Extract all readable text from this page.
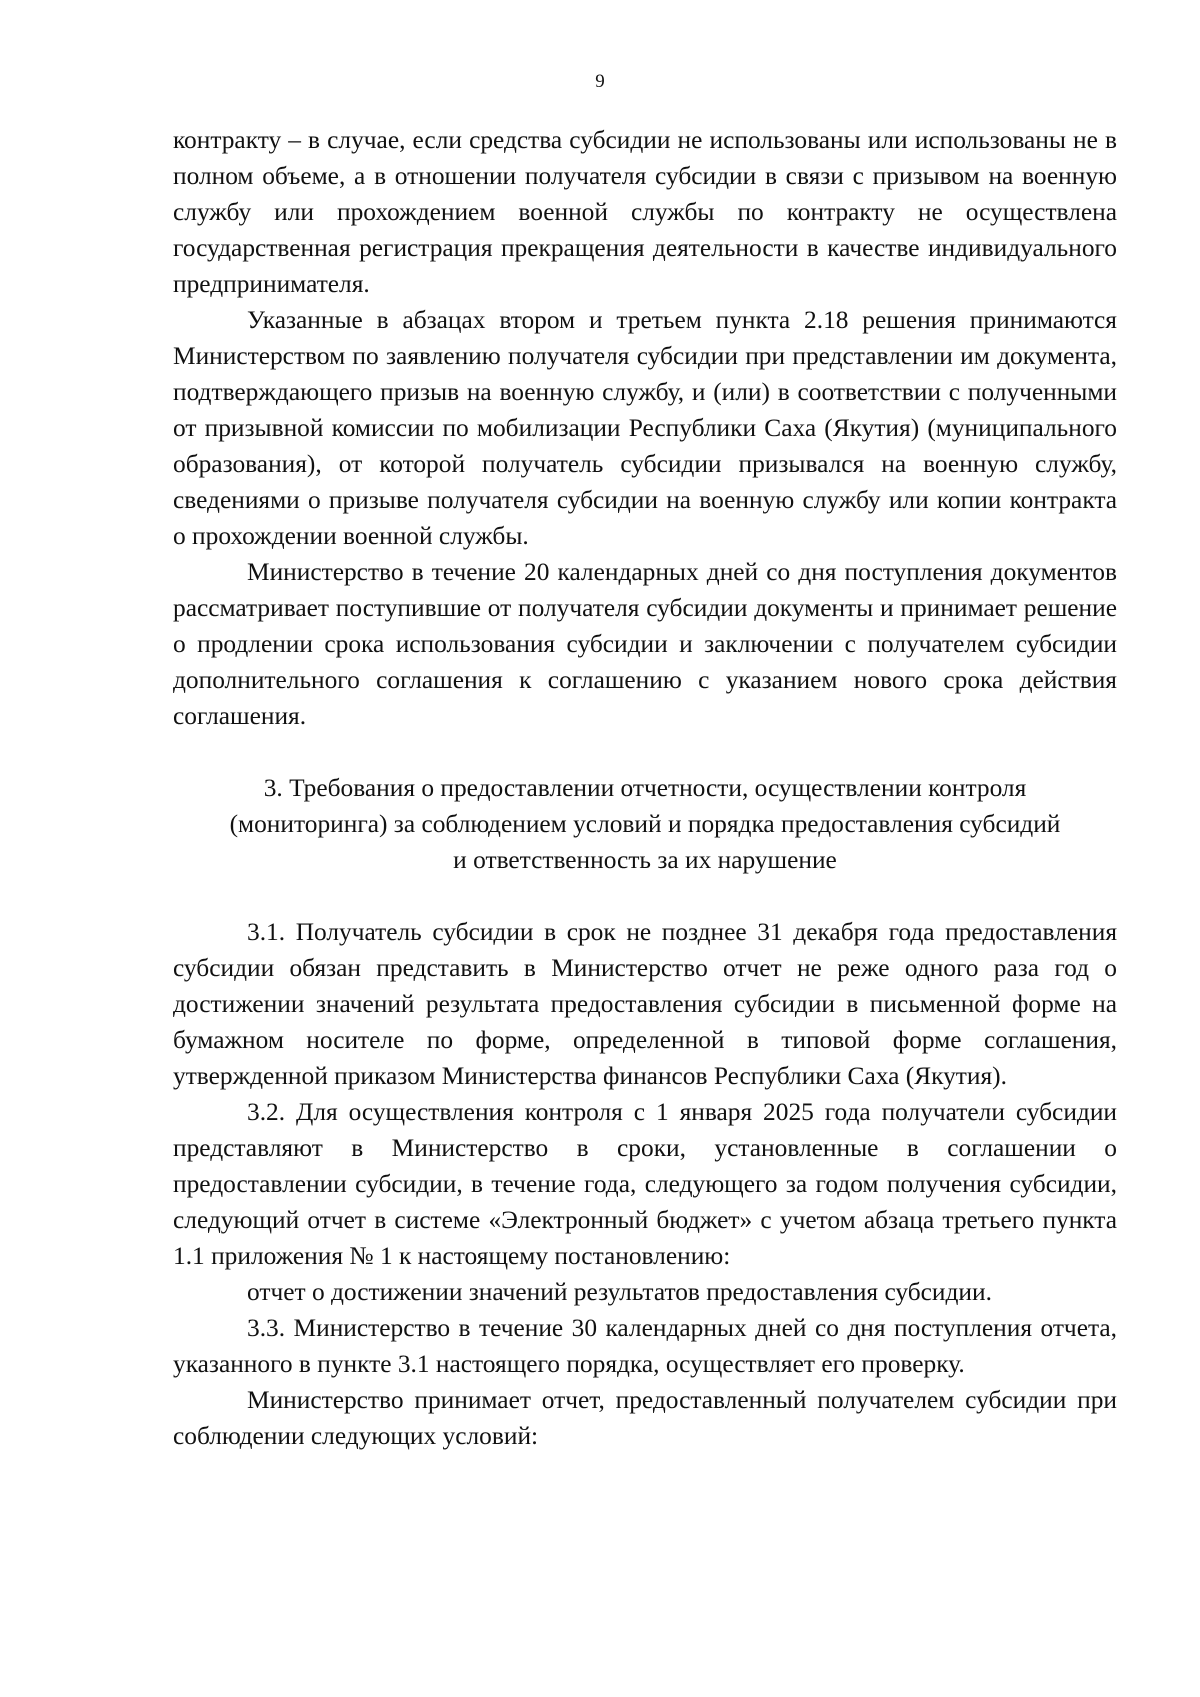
9

контракту – в случае, если средства субсидии не использованы или использованы не в полном объеме, а в отношении получателя субсидии в связи с призывом на военную службу или прохождением военной службы по контракту не осуществлена государственная регистрация прекращения деятельности в качестве индивидуального предпринимателя.

Указанные в абзацах втором и третьем пункта 2.18 решения принимаются Министерством по заявлению получателя субсидии при представлении им документа, подтверждающего призыв на военную службу, и (или) в соответствии с полученными от призывной комиссии по мобилизации Республики Саха (Якутия) (муниципального образования), от которой получатель субсидии призывался на военную службу, сведениями о призыве получателя субсидии на военную службу или копии контракта о прохождении военной службы.

Министерство в течение 20 календарных дней со дня поступления документов рассматривает поступившие от получателя субсидии документы и принимает решение о продлении срока использования субсидии и заключении с получателем субсидии дополнительного соглашения к соглашению с указанием нового срока действия соглашения.

3. Требования о предоставлении отчетности, осуществлении контроля
(мониторинга) за соблюдением условий и порядка предоставления субсидий
и ответственность за их нарушение

3.1. Получатель субсидии в срок не позднее 31 декабря года предоставления субсидии обязан представить в Министерство отчет не реже одного раза год о достижении значений результата предоставления субсидии в письменной форме на бумажном носителе по форме, определенной в типовой форме соглашения, утвержденной приказом Министерства финансов Республики Саха (Якутия).

3.2. Для осуществления контроля с 1 января 2025 года получатели субсидии представляют в Министерство в сроки, установленные в соглашении о предоставлении субсидии, в течение года, следующего за годом получения субсидии, следующий отчет в системе «Электронный бюджет» с учетом абзаца третьего пункта 1.1 приложения № 1 к настоящему постановлению:

отчет о достижении значений результатов предоставления субсидии.

3.3. Министерство в течение 30 календарных дней со дня поступления отчета, указанного в пункте 3.1 настоящего порядка, осуществляет его проверку.

Министерство принимает отчет, предоставленный получателем субсидии при соблюдении следующих условий:
